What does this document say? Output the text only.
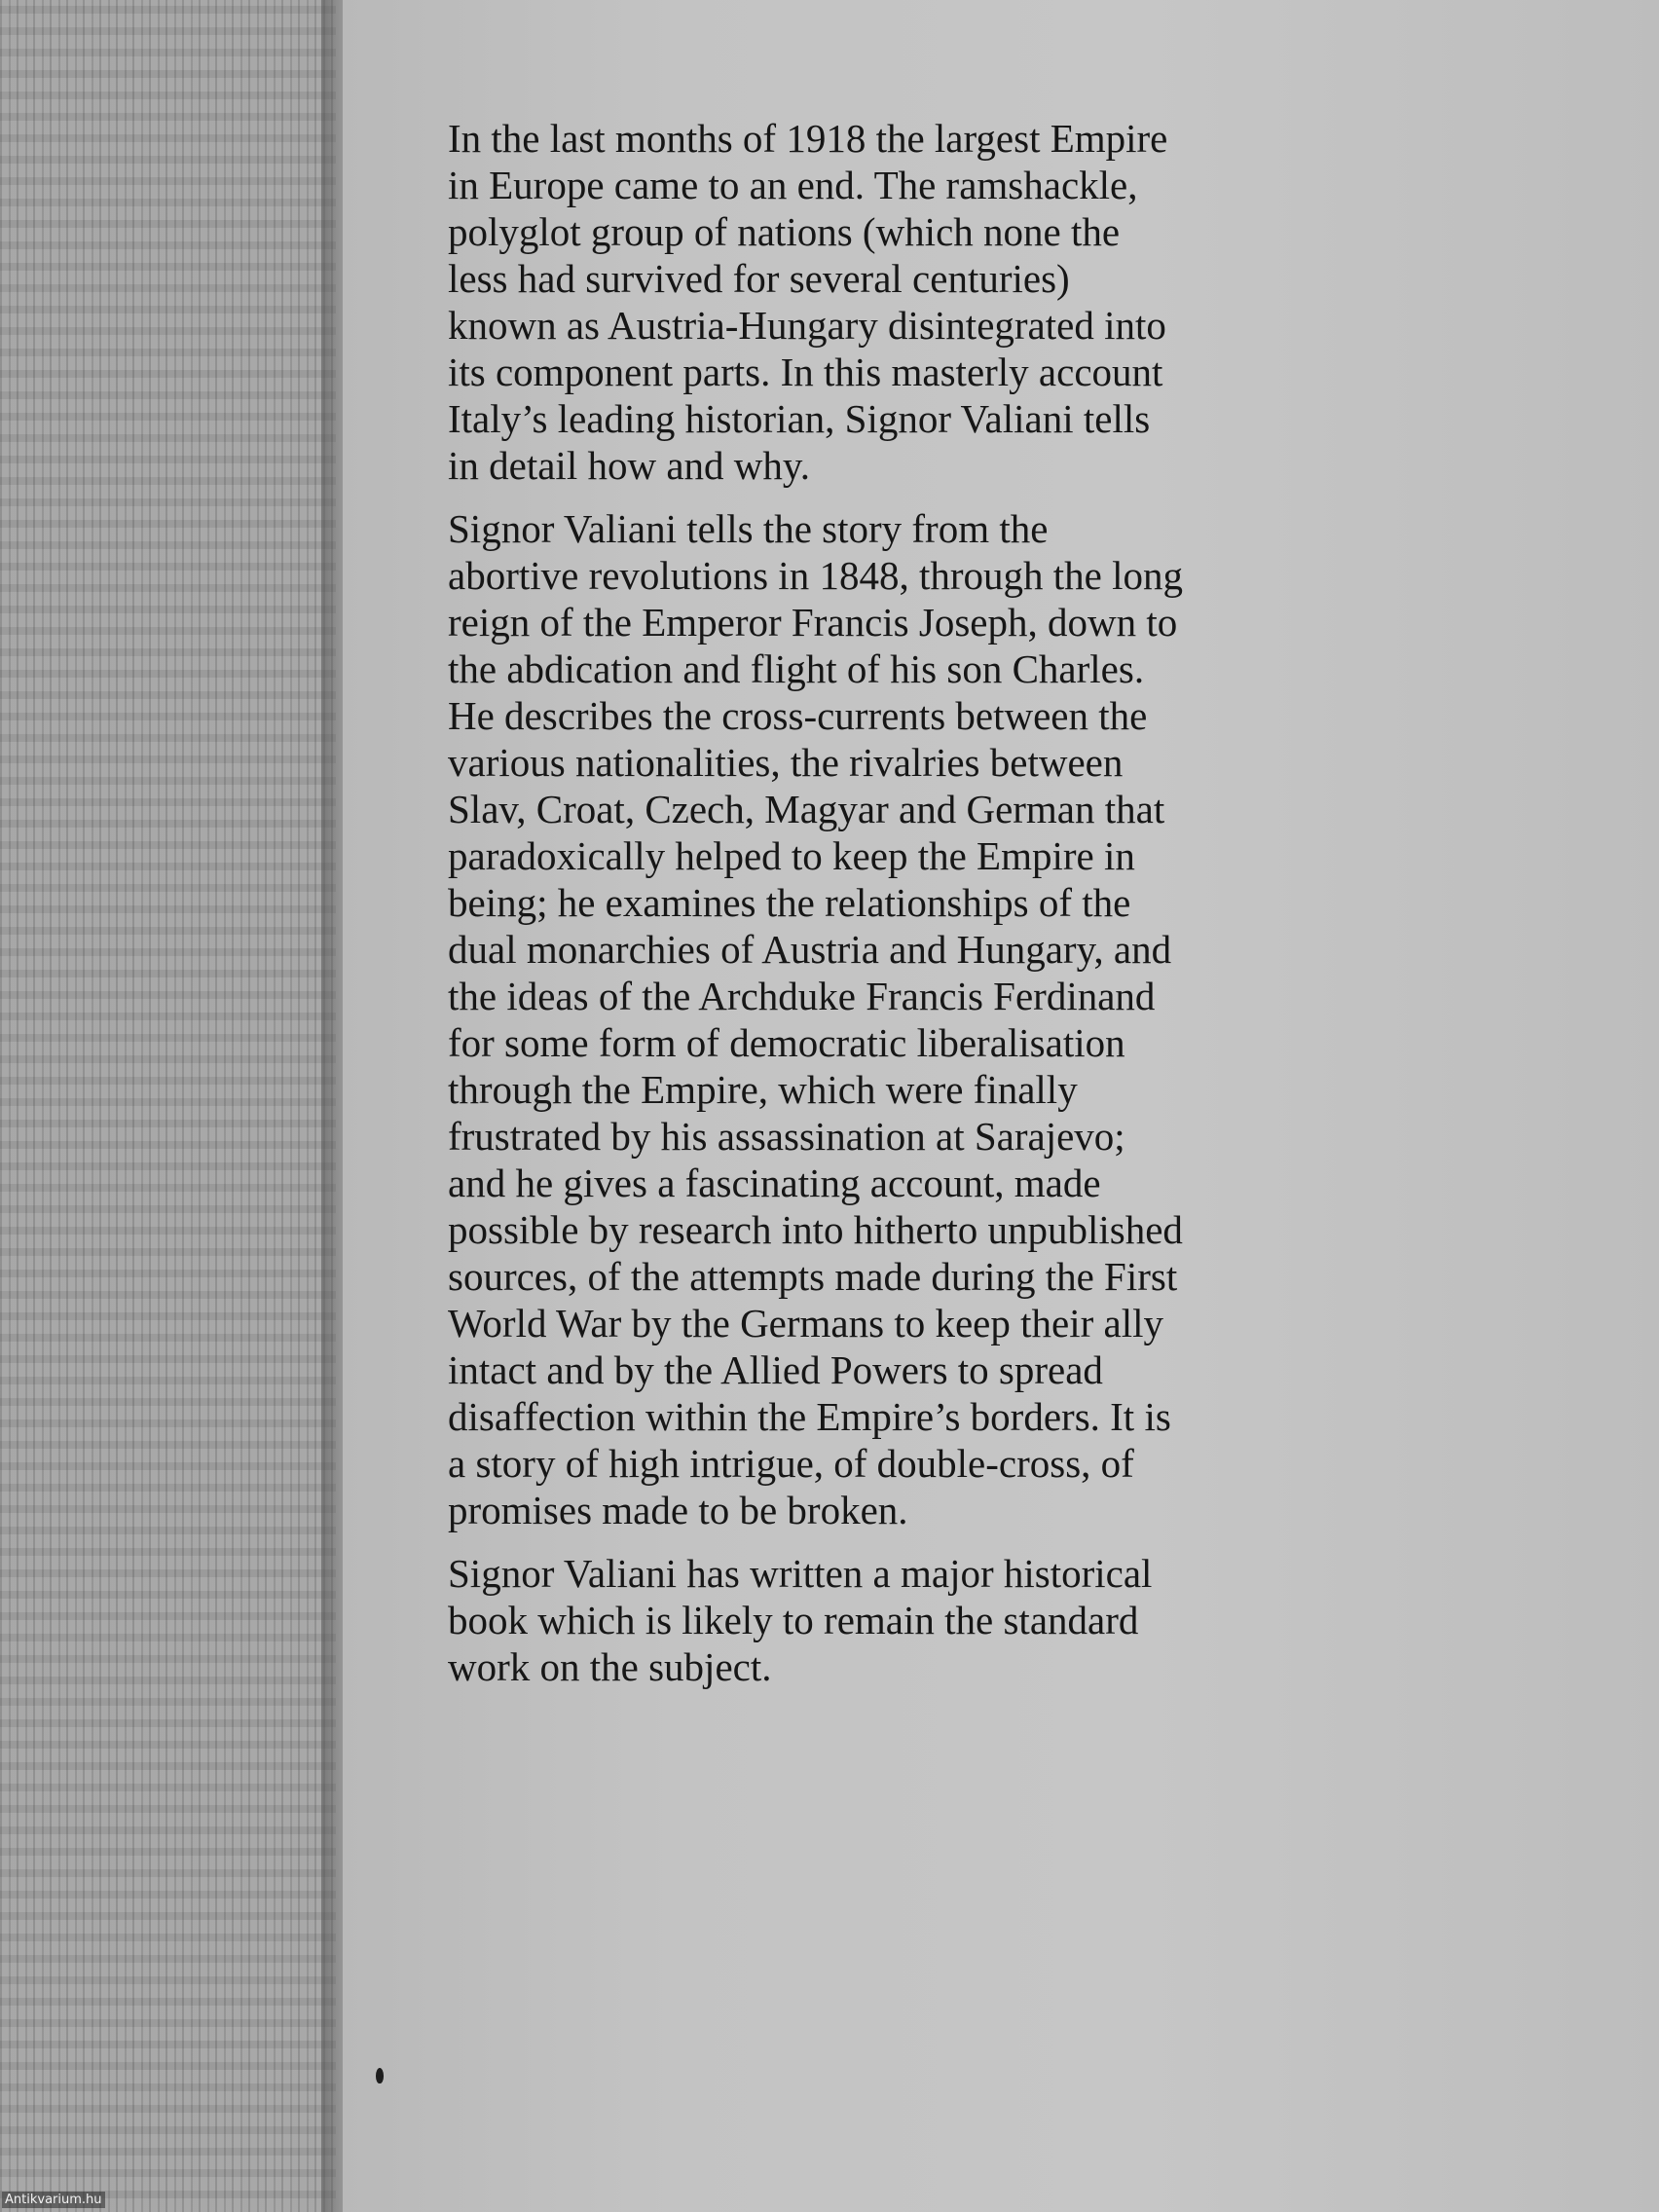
In the last months of 1918 the largest Empire in Europe came to an end. The ramshackle, polyglot group of nations (which none the less had survived for several centuries) known as Austria-Hungary disintegrated into its component parts. In this masterly account Italy’s leading historian, Signor Valiani tells in detail how and why.

Signor Valiani tells the story from the abortive revolutions in 1848, through the long reign of the Emperor Francis Joseph, down to the abdication and flight of his son Charles. He describes the cross-currents between the various nationalities, the rivalries between Slav, Croat, Czech, Magyar and German that paradoxically helped to keep the Empire in being; he examines the relationships of the dual monarchies of Austria and Hungary, and the ideas of the Archduke Francis Ferdinand for some form of democratic liberalisation through the Empire, which were finally frustrated by his assassination at Sarajevo; and he gives a fascinating account, made possible by research into hitherto unpublished sources, of the attempts made during the First World War by the Germans to keep their ally intact and by the Allied Powers to spread disaffection within the Empire’s borders. It is a story of high intrigue, of double-cross, of promises made to be broken.

Signor Valiani has written a major historical book which is likely to remain the standard work on the subject.

Antikvarium.hu
